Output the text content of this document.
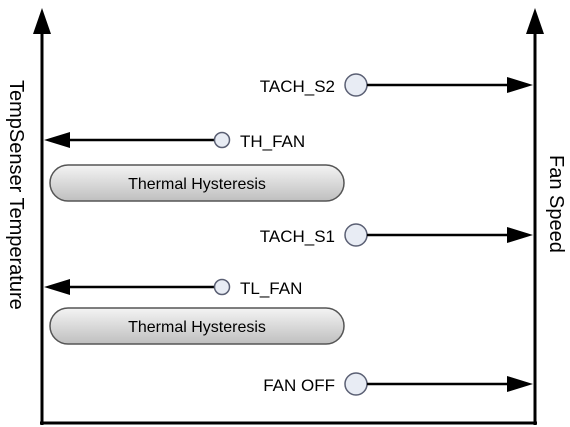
TempSenser Temperature	Fan Speed
TACH_S2
TH_FAN
Thermal Hysteresis
TACH_S1
TL_FAN
Thermal Hysteresis
FAN OFF
